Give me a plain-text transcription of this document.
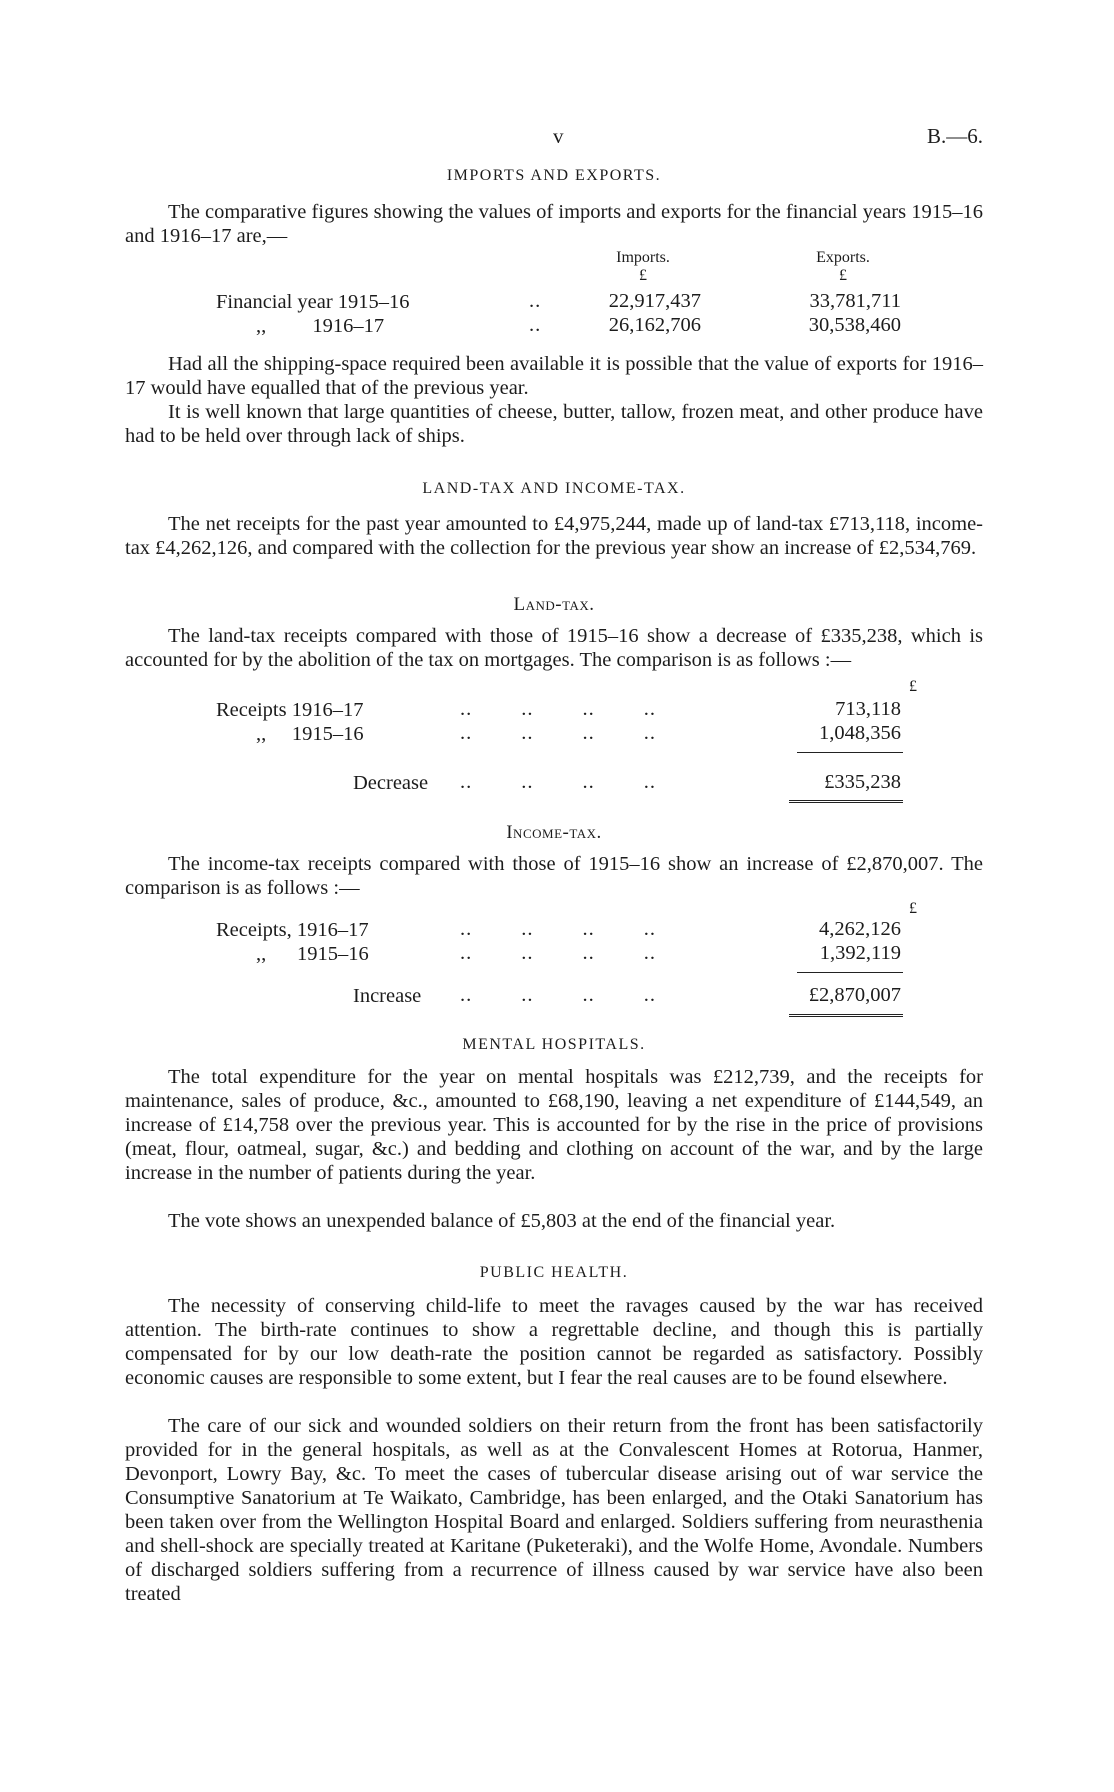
v	B.—6.
IMPORTS AND EXPORTS.

The comparative figures showing the values of imports and exports for the financial years 1915–16 and 1916–17 are,—

Imports.	Exports.
£	£
Financial year 1915–16	..	22,917,437	33,781,711
,,         1916–17	..	26,162,706	30,538,460

Had all the shipping-space required been available it is possible that the value of exports for 1916–17 would have equalled that of the previous year.

It is well known that large quantities of cheese, butter, tallow, frozen meat, and other produce have had to be held over through lack of ships.

LAND-TAX AND INCOME-TAX.

The net receipts for the past year amounted to £4,975,244, made up of land-tax £713,118, income-tax £4,262,126, and compared with the collection for the previous year show an increase of £2,534,769.

Land-tax.

The land-tax receipts compared with those of 1915–16 show a decrease of £335,238, which is accounted for by the abolition of the tax on mortgages. The comparison is as follows :—

£
Receipts 1916–17	..        ..        ..        ..	713,118
,,     1915–16	..        ..        ..        ..	1,048,356
Decrease ..        ..        ..        ..	£335,238
Income-tax.

The income-tax receipts compared with those of 1915–16 show an increase of £2,870,007. The comparison is as follows :—

£
Receipts, 1916–17	..        ..        ..        ..	4,262,126
,,      1915–16	..        ..        ..        ..	1,392,119
Increase ..        ..        ..        ..	£2,870,007
MENTAL HOSPITALS.

The total expenditure for the year on mental hospitals was £212,739, and the receipts for maintenance, sales of produce, &c., amounted to £68,190, leaving a net expenditure of £144,549, an increase of £14,758 over the previous year. This is accounted for by the rise in the price of provisions (meat, flour, oatmeal, sugar, &c.) and bedding and clothing on account of the war, and by the large increase in the number of patients during the year.

The vote shows an unexpended balance of £5,803 at the end of the financial year.

PUBLIC HEALTH.

The necessity of conserving child-life to meet the ravages caused by the war has received attention. The birth-rate continues to show a regrettable decline, and though this is partially compensated for by our low death-rate the position cannot be regarded as satisfactory. Possibly economic causes are responsible to some extent, but I fear the real causes are to be found elsewhere.

The care of our sick and wounded soldiers on their return from the front has been satisfactorily provided for in the general hospitals, as well as at the Convalescent Homes at Rotorua, Hanmer, Devonport, Lowry Bay, &c. To meet the cases of tubercular disease arising out of war service the Consumptive Sanatorium at Te Waikato, Cambridge, has been enlarged, and the Otaki Sanatorium has been taken over from the Wellington Hospital Board and enlarged. Soldiers suffering from neurasthenia and shell-shock are specially treated at Karitane (Puketeraki), and the Wolfe Home, Avondale. Numbers of discharged soldiers suffering from a recurrence of illness caused by war service have also been treated
